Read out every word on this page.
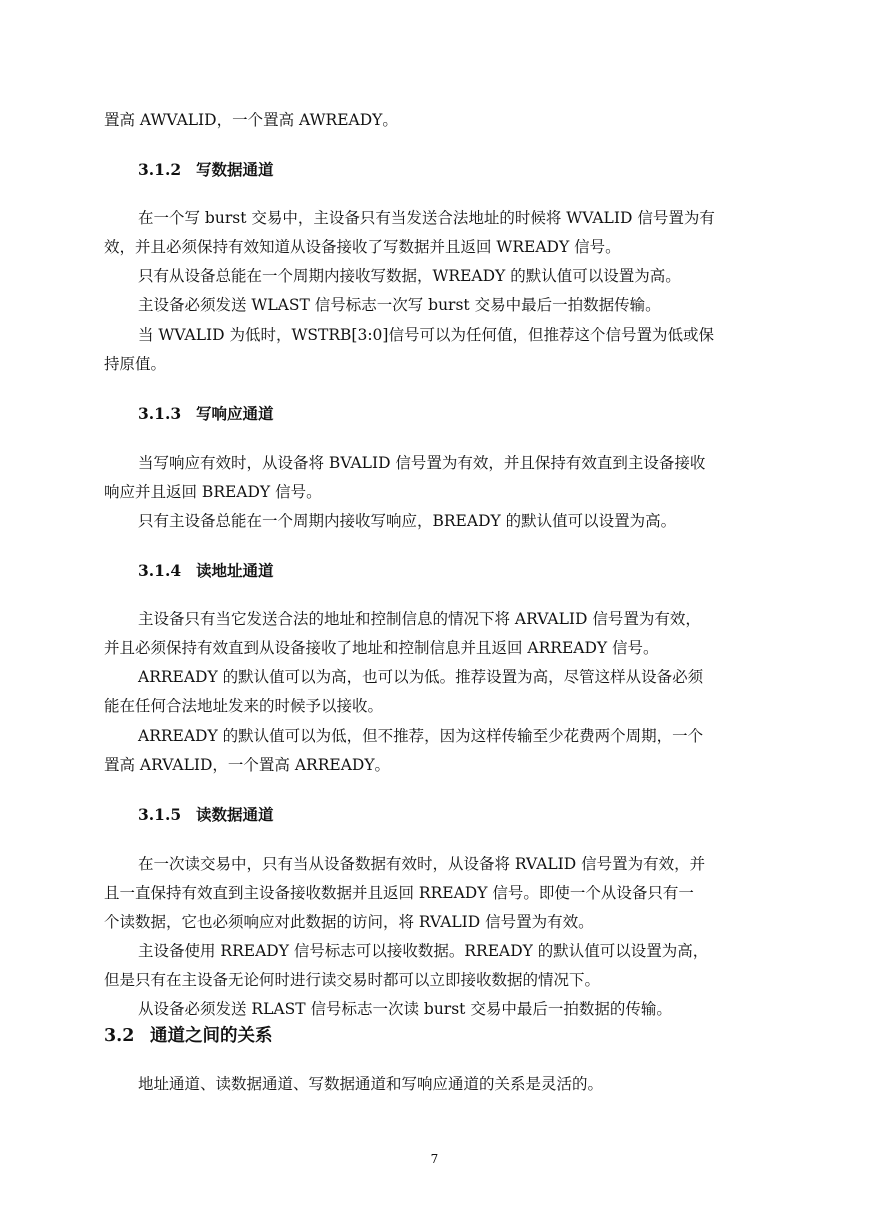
置高 AWVALID，一个置高 AWREADY。
3.1.2 写数据通道
在一个写 burst 交易中，主设备只有当发送合法地址的时候将 WVALID 信号置为有
效，并且必须保持有效知道从设备接收了写数据并且返回 WREADY 信号。
只有从设备总能在一个周期内接收写数据，WREADY 的默认值可以设置为高。
主设备必须发送 WLAST 信号标志一次写 burst 交易中最后一拍数据传输。
当 WVALID 为低时，WSTRB[3:0]信号可以为任何值，但推荐这个信号置为低或保
持原值。
3.1.3 写响应通道
当写响应有效时，从设备将 BVALID 信号置为有效，并且保持有效直到主设备接收
响应并且返回 BREADY 信号。
只有主设备总能在一个周期内接收写响应，BREADY 的默认值可以设置为高。
3.1.4 读地址通道
主设备只有当它发送合法的地址和控制信息的情况下将 ARVALID 信号置为有效，
并且必须保持有效直到从设备接收了地址和控制信息并且返回 ARREADY 信号。
ARREADY 的默认值可以为高，也可以为低。推荐设置为高，尽管这样从设备必须
能在任何合法地址发来的时候予以接收。
ARREADY 的默认值可以为低，但不推荐，因为这样传输至少花费两个周期，一个
置高 ARVALID，一个置高 ARREADY。
3.1.5 读数据通道
在一次读交易中，只有当从设备数据有效时，从设备将 RVALID 信号置为有效，并
且一直保持有效直到主设备接收数据并且返回 RREADY 信号。即使一个从设备只有一
个读数据，它也必须响应对此数据的访问，将 RVALID 信号置为有效。
主设备使用 RREADY 信号标志可以接收数据。RREADY 的默认值可以设置为高，
但是只有在主设备无论何时进行读交易时都可以立即接收数据的情况下。
从设备必须发送 RLAST 信号标志一次读 burst 交易中最后一拍数据的传输。
3.2 通道之间的关系
地址通道、读数据通道、写数据通道和写响应通道的关系是灵活的。
7
